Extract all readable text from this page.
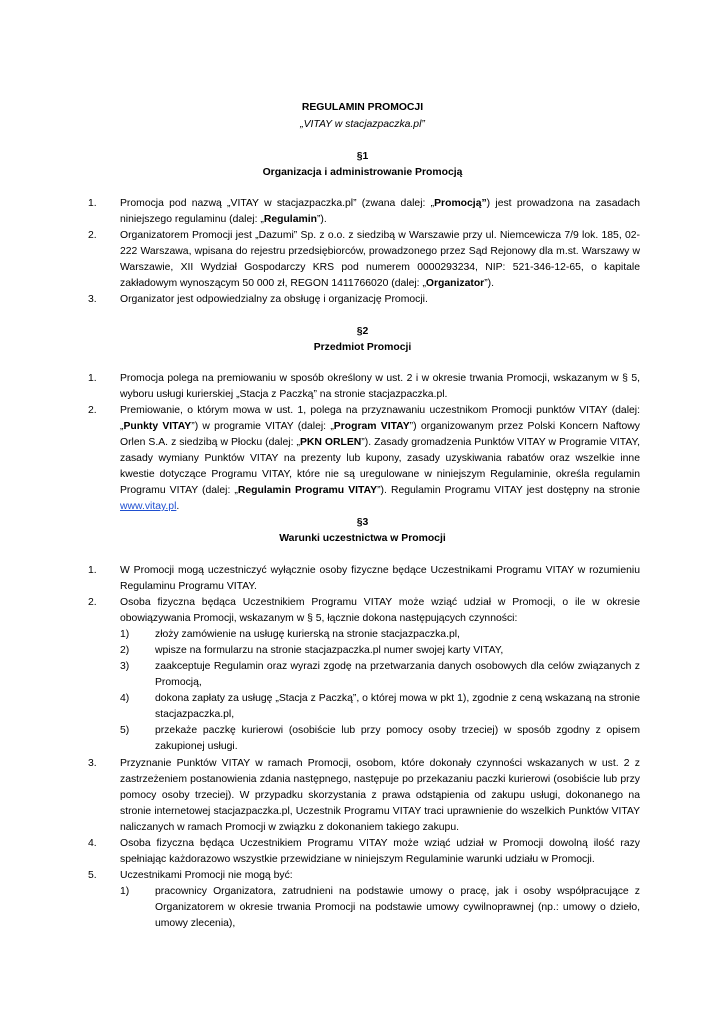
REGULAMIN PROMOCJI
„VITAY w stacjazpaczka.pl”
§1
Organizacja i administrowanie Promocją
1. Promocja pod nazwą „VITAY w stacjazpaczka.pl” (zwana dalej: „Promocją”) jest prowadzona na zasadach niniejszego regulaminu (dalej: „Regulamin”).
2. Organizatorem Promocji jest „Dazumi” Sp. z o.o. z siedzibą w Warszawie przy ul. Niemcewicza 7/9 lok. 185, 02-222 Warszawa, wpisana do rejestru przedsiębiorców, prowadzonego przez Sąd Rejonowy dla m.st. Warszawy w Warszawie, XII Wydział Gospodarczy KRS pod numerem 0000293234, NIP: 521-346-12-65, o kapitale zakładowym wynoszącym 50 000 zł, REGON 1411766020 (dalej: „Organizator”).
3. Organizator jest odpowiedzialny za obsługę i organizację Promocji.
§2
Przedmiot Promocji
1. Promocja polega na premiowaniu w sposób określony w ust. 2 i w okresie trwania Promocji, wskazanym w § 5, wyboru usługi kurierskiej „Stacja z Paczką” na stronie stacjazpaczka.pl.
2. Premiowanie, o którym mowa w ust. 1, polega na przyznawaniu uczestnikom Promocji punktów VITAY (dalej: „Punkty VITAY”) w programie VITAY (dalej: „Program VITAY”) organizowanym przez Polski Koncern Naftowy Orlen S.A. z siedzibą w Płocku (dalej: „PKN ORLEN”). Zasady gromadzenia Punktów VITAY w Programie VITAY, zasady wymiany Punktów VITAY na prezenty lub kupony, zasady uzyskiwania rabatów oraz wszelkie inne kwestie dotyczące Programu VITAY, które nie są uregulowane w niniejszym Regulaminie, określa regulamin Programu VITAY (dalej: „Regulamin Programu VITAY”). Regulamin Programu VITAY jest dostępny na stronie www.vitay.pl.
§3
Warunki uczestnictwa w Promocji
1. W Promocji mogą uczestniczyć wyłącznie osoby fizyczne będące Uczestnikami Programu VITAY w rozumieniu Regulaminu Programu VITAY.
2. Osoba fizyczna będąca Uczestnikiem Programu VITAY może wziąć udział w Promocji, o ile w okresie obowiązywania Promocji, wskazanym w § 5, łącznie dokona następujących czynności:
1) złoży zamówienie na usługę kurierską na stronie stacjazpaczka.pl,
2) wpisze na formularzu na stronie stacjazpaczka.pl numer swojej karty VITAY,
3) zaakceptuje Regulamin oraz wyrazi zgodę na przetwarzania danych osobowych dla celów związanych z Promocją,
4) dokona zapłaty za usługę „Stacja z Paczką”, o której mowa w pkt 1), zgodnie z ceną wskazaną na stronie stacjazpaczka.pl,
5) przekaże paczkę kurierowi (osobiście lub przy pomocy osoby trzeciej) w sposób zgodny z opisem zakupionej usługi.
3. Przyznanie Punktów VITAY w ramach Promocji, osobom, które dokonały czynności wskazanych w ust. 2 z zastrzeżeniem postanowienia zdania następnego, następuje po przekazaniu paczki kurierowi (osobiście lub przy pomocy osoby trzeciej). W przypadku skorzystania z prawa odstąpienia od zakupu usługi, dokonanego na stronie internetowej stacjazpaczka.pl, Uczestnik Programu VITAY traci uprawnienie do wszelkich Punktów VITAY naliczanych w ramach Promocji w związku z dokonaniem takiego zakupu.
4. Osoba fizyczna będąca Uczestnikiem Programu VITAY może wziąć udział w Promocji dowolną ilość razy spełniając każdorazowo wszystkie przewidziane w niniejszym Regulaminie warunki udziału w Promocji.
5. Uczestnikami Promocji nie mogą być:
1) pracownicy Organizatora, zatrudnieni na podstawie umowy o pracę, jak i osoby współpracujące z Organizatorem w okresie trwania Promocji na podstawie umowy cywilnoprawnej (np.: umowy o dzieło, umowy zlecenia),
